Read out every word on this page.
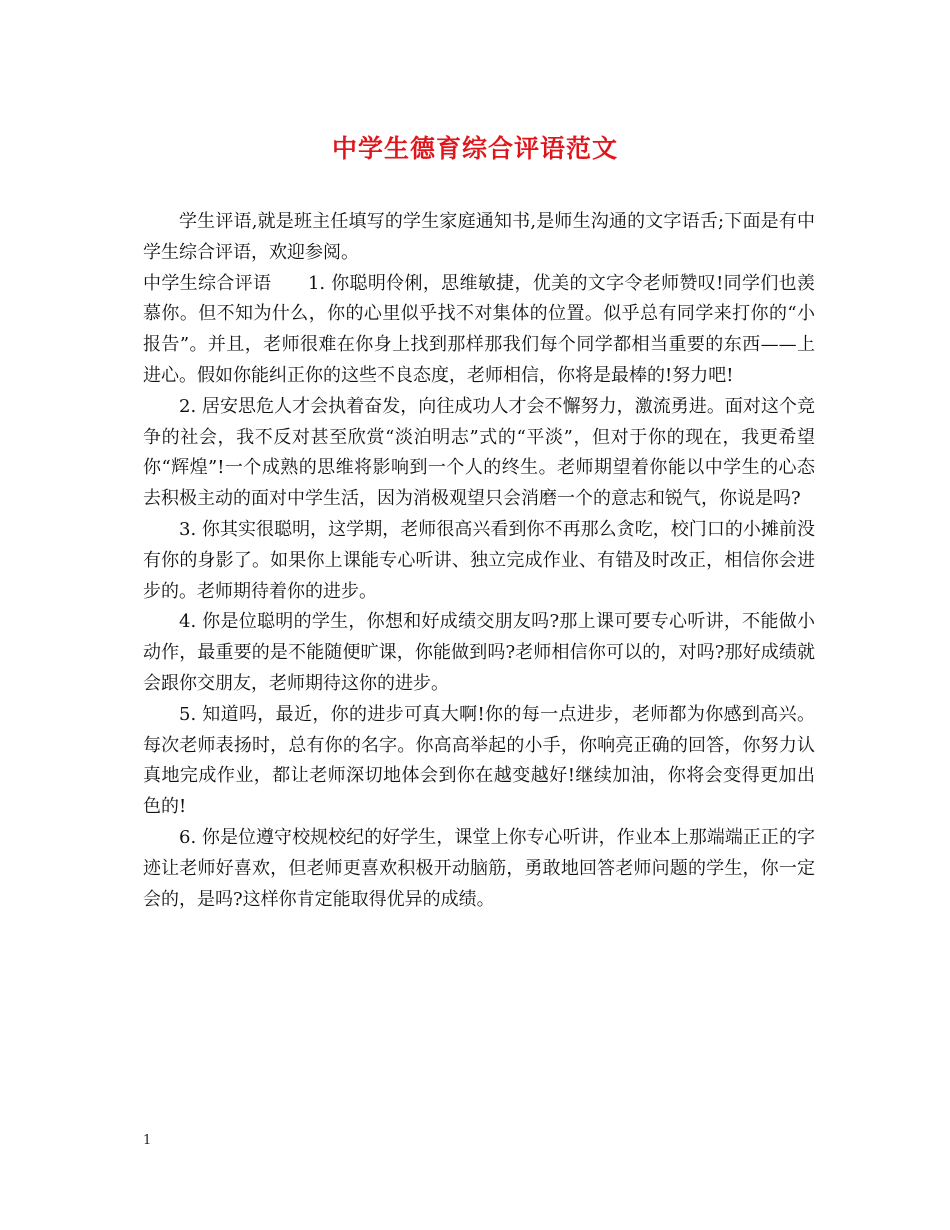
中学生德育综合评语范文

学生评语,就是班主任填写的学生家庭通知书,是师生沟通的文字语舌;下面是有中学生综合评语，欢迎参阅。

中学生综合评语　　1. 你聪明伶俐，思维敏捷，优美的文字令老师赞叹!同学们也羡慕你。但不知为什么，你的心里似乎找不对集体的位置。似乎总有同学来打你的“小报告”。并且，老师很难在你身上找到那样那我们每个同学都相当重要的东西——上进心。假如你能纠正你的这些不良态度，老师相信，你将是最棒的!努力吧!

2. 居安思危人才会执着奋发，向往成功人才会不懈努力，激流勇进。面对这个竞争的社会，我不反对甚至欣赏“淡泊明志”式的“平淡”，但对于你的现在，我更希望你“辉煌”!一个成熟的思维将影响到一个人的终生。老师期望着你能以中学生的心态去积极主动的面对中学生活，因为消极观望只会消磨一个的意志和锐气，你说是吗?

3. 你其实很聪明，这学期，老师很高兴看到你不再那么贪吃，校门口的小摊前没有你的身影了。如果你上课能专心听讲、独立完成作业、有错及时改正，相信你会进步的。老师期待着你的进步。

4. 你是位聪明的学生，你想和好成绩交朋友吗?那上课可要专心听讲，不能做小动作，最重要的是不能随便旷课，你能做到吗?老师相信你可以的，对吗?那好成绩就会跟你交朋友，老师期待这你的进步。

5. 知道吗，最近，你的进步可真大啊!你的每一点进步，老师都为你感到高兴。每次老师表扬时，总有你的名字。你高高举起的小手，你响亮正确的回答，你努力认真地完成作业，都让老师深切地体会到你在越变越好!继续加油，你将会变得更加出色的!

6. 你是位遵守校规校纪的好学生，课堂上你专心听讲，作业本上那端端正正的字迹让老师好喜欢，但老师更喜欢积极开动脑筋，勇敢地回答老师问题的学生，你一定会的，是吗?这样你肯定能取得优异的成绩。

1
